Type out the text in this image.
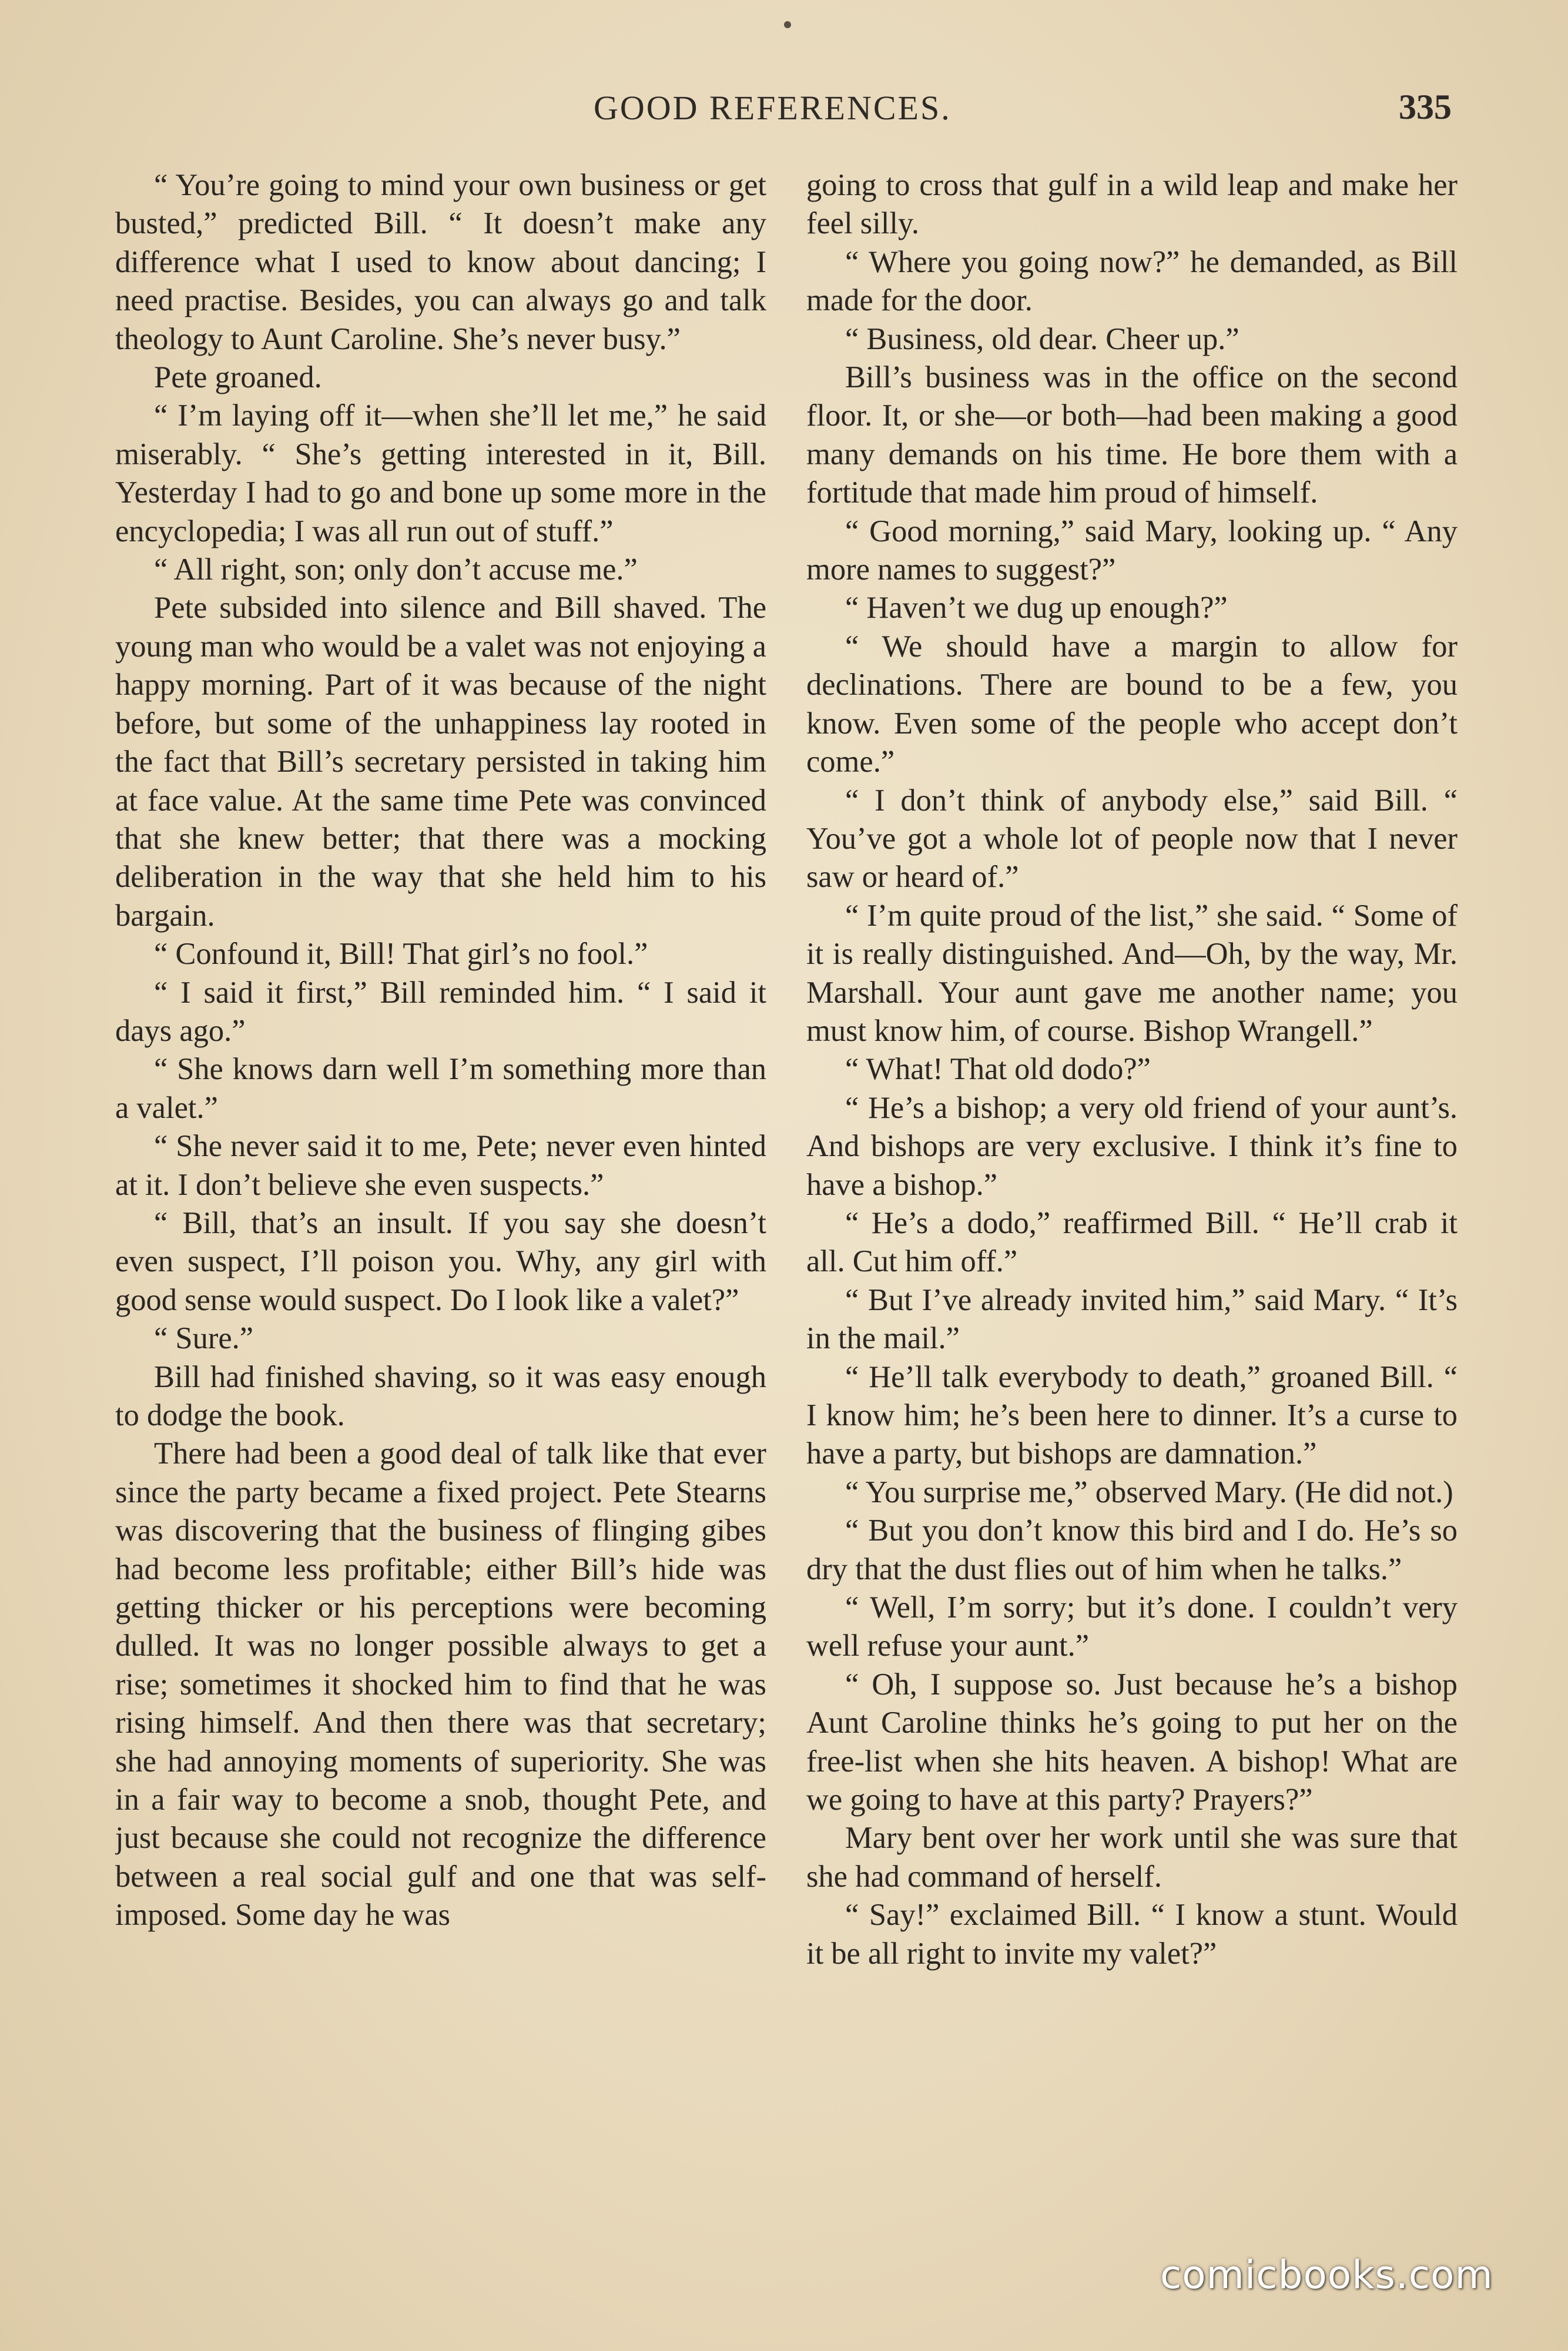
GOOD REFERENCES.	335

“ You’re going to mind your own business or get busted,” predicted Bill. “ It doesn’t make any difference what I used to know about dancing; I need practise. Besides, you can always go and talk theology to Aunt Caroline. She’s never busy.”

Pete groaned.

“ I’m laying off it—when she’ll let me,” he said miserably. “ She’s getting interested in it, Bill. Yesterday I had to go and bone up some more in the encyclopedia; I was all run out of stuff.”

“ All right, son; only don’t accuse me.”

Pete subsided into silence and Bill shaved. The young man who would be a valet was not enjoying a happy morning. Part of it was because of the night before, but some of the unhappiness lay rooted in the fact that Bill’s secretary persisted in taking him at face value. At the same time Pete was convinced that she knew better; that there was a mocking deliberation in the way that she held him to his bargain.

“ Confound it, Bill! That girl’s no fool.”

“ I said it first,” Bill reminded him. “ I said it days ago.”

“ She knows darn well I’m something more than a valet.”

“ She never said it to me, Pete; never even hinted at it. I don’t believe she even suspects.”

“ Bill, that’s an insult. If you say she doesn’t even suspect, I’ll poison you. Why, any girl with good sense would suspect. Do I look like a valet?”

“ Sure.”

Bill had finished shaving, so it was easy enough to dodge the book.

There had been a good deal of talk like that ever since the party became a fixed project. Pete Stearns was discovering that the business of flinging gibes had become less profitable; either Bill’s hide was getting thicker or his perceptions were becoming dulled. It was no longer possible always to get a rise; sometimes it shocked him to find that he was rising himself. And then there was that secretary; she had annoying moments of superiority. She was in a fair way to become a snob, thought Pete, and just because she could not recognize the difference between a real social gulf and one that was self-imposed. Some day he was

going to cross that gulf in a wild leap and make her feel silly.

“ Where you going now?” he demanded, as Bill made for the door.

“ Business, old dear. Cheer up.”

Bill’s business was in the office on the second floor. It, or she—or both—had been making a good many demands on his time. He bore them with a fortitude that made him proud of himself.

“ Good morning,” said Mary, looking up. “ Any more names to suggest?”

“ Haven’t we dug up enough?”

“ We should have a margin to allow for declinations. There are bound to be a few, you know. Even some of the people who accept don’t come.”

“ I don’t think of anybody else,” said Bill. “ You’ve got a whole lot of people now that I never saw or heard of.”

“ I’m quite proud of the list,” she said. “ Some of it is really distinguished. And—Oh, by the way, Mr. Marshall. Your aunt gave me another name; you must know him, of course. Bishop Wrangell.”

“ What! That old dodo?”

“ He’s a bishop; a very old friend of your aunt’s. And bishops are very exclusive. I think it’s fine to have a bishop.”

“ He’s a dodo,” reaffirmed Bill. “ He’ll crab it all. Cut him off.”

“ But I’ve already invited him,” said Mary. “ It’s in the mail.”

“ He’ll talk everybody to death,” groaned Bill. “ I know him; he’s been here to dinner. It’s a curse to have a party, but bishops are damnation.”

“ You surprise me,” observed Mary. (He did not.)

“ But you don’t know this bird and I do. He’s so dry that the dust flies out of him when he talks.”

“ Well, I’m sorry; but it’s done. I couldn’t very well refuse your aunt.”

“ Oh, I suppose so. Just because he’s a bishop Aunt Caroline thinks he’s going to put her on the free-list when she hits heaven. A bishop! What are we going to have at this party? Prayers?”

Mary bent over her work until she was sure that she had command of herself.

“ Say!” exclaimed Bill. “ I know a stunt. Would it be all right to invite my valet?”

comicbooks.com
